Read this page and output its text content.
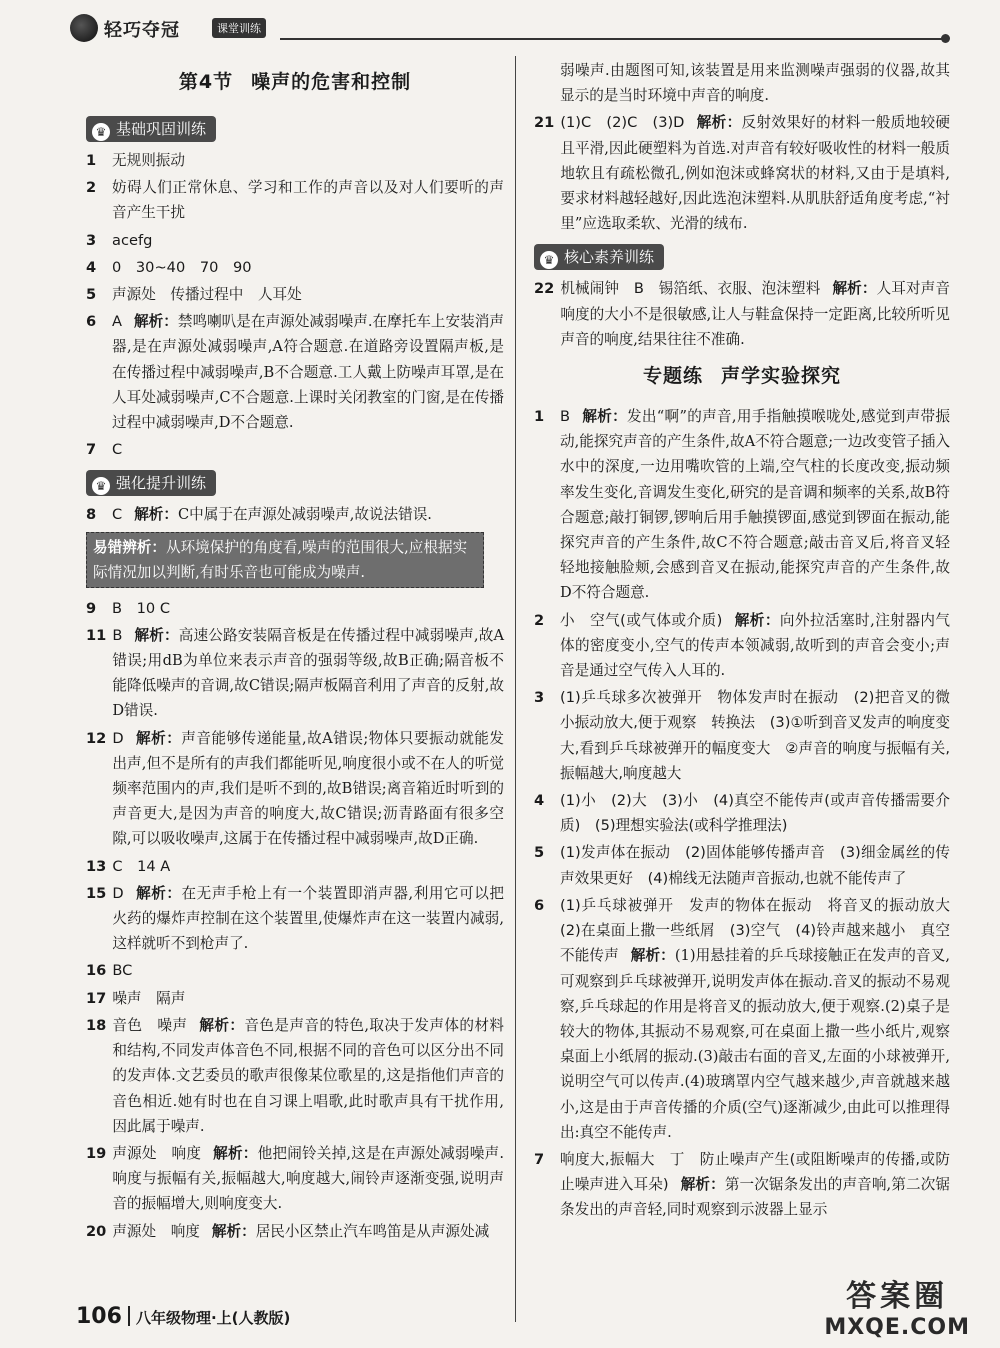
轻巧夺冠	课堂训练
第4节 噪声的危害和控制
♛ 基础巩固训练
1	无规则振动
2	妨碍人们正常休息、学习和工作的声音以及对人们要听的声音产生干扰
3	acefg
4	0　30~40　70　90
5	声源处　传播过程中　人耳处
6	A 解析：禁鸣喇叭是在声源处减弱噪声.在摩托车上安装消声器,是在声源处减弱噪声,A符合题意.在道路旁设置隔声板,是在传播过程中减弱噪声,B不合题意.工人戴上防噪声耳罩,是在人耳处减弱噪声,C不合题意.上课时关闭教室的门窗,是在传播过程中减弱噪声,D不合题意.
7	C
♛ 强化提升训练
8	C 解析：C中属于在声源处减弱噪声,故说法错误.
易错辨析：从环境保护的角度看,噪声的范围很大,应根据实际情况加以判断,有时乐音也可能成为噪声.
9	B　10 C
11 B 解析：高速公路安装隔音板是在传播过程中减弱噪声,故A错误;用dB为单位来表示声音的强弱等级,故B正确;隔音板不能降低噪声的音调,故C错误;隔声板隔音利用了声音的反射,故D错误.
12 D 解析：声音能够传递能量,故A错误;物体只要振动就能发出声,但不是所有的声我们都能听见,响度很小或不在人的听觉频率范围内的声,我们是听不到的,故B错误;离音箱近时听到的声音更大,是因为声音的响度大,故C错误;沥青路面有很多空隙,可以吸收噪声,这属于在传播过程中减弱噪声,故D正确.
13 C　14 A
15 D 解析：在无声手枪上有一个装置即消声器,利用它可以把火药的爆炸声控制在这个装置里,使爆炸声在这一装置内减弱,这样就听不到枪声了.
16 BC
17 噪声　隔声
18 音色　噪声 解析：音色是声音的特色,取决于发声体的材料和结构,不同发声体音色不同,根据不同的音色可以区分出不同的发声体.文艺委员的歌声很像某位歌星的,这是指他们声音的音色相近.她有时也在自习课上唱歌,此时歌声具有干扰作用,因此属于噪声.
19 声源处　响度 解析：他把闹铃关掉,这是在声源处减弱噪声.响度与振幅有关,振幅越大,响度越大,闹铃声逐渐变强,说明声音的振幅增大,则响度变大.
20 声源处　响度 解析：居民小区禁止汽车鸣笛是从声源处减
弱噪声.由题图可知,该装置是用来监测噪声强弱的仪器,故其显示的是当时环境中声音的响度.
21 (1)C　(2)C　(3)D 解析：反射效果好的材料一般质地较硬且平滑,因此硬塑料为首选.对声音有较好吸收性的材料一般质地软且有疏松微孔,例如泡沫或蜂窝状的材料,又由于是填料,要求材料越轻越好,因此选泡沫塑料.从肌肤舒适角度考虑,“衬里”应选取柔软、光滑的绒布.
♛ 核心素养训练
22 机械闹钟　B　锡箔纸、衣服、泡沫塑料 解析：人耳对声音响度的大小不是很敏感,让人与鞋盒保持一定距离,比较所听见声音的响度,结果往往不准确.
专题练 声学实验探究
1	B 解析：发出“啊”的声音,用手指触摸喉咙处,感觉到声带振动,能探究声音的产生条件,故A不符合题意;一边改变管子插入水中的深度,一边用嘴吹管的上端,空气柱的长度改变,振动频率发生变化,音调发生变化,研究的是音调和频率的关系,故B符合题意;敲打铜锣,锣响后用手触摸锣面,感觉到锣面在振动,能探究声音的产生条件,故C不符合题意;敲击音叉后,将音叉轻轻地接触脸颊,会感到音叉在振动,能探究声音的产生条件,故D不符合题意.
2	小　空气(或气体或介质) 解析：向外拉活塞时,注射器内气体的密度变小,空气的传声本领减弱,故听到的声音会变小;声音是通过空气传入人耳的.
3	(1)乒乓球多次被弹开　物体发声时在振动　(2)把音叉的微小振动放大,便于观察　转换法　(3)①听到音叉发声的响度变大,看到乒乓球被弹开的幅度变大　②声音的响度与振幅有关,振幅越大,响度越大
4	(1)小　(2)大　(3)小　(4)真空不能传声(或声音传播需要介质)　(5)理想实验法(或科学推理法)
5	(1)发声体在振动　(2)固体能够传播声音　(3)细金属丝的传声效果更好　(4)棉线无法随声音振动,也就不能传声了
6	(1)乒乓球被弹开　发声的物体在振动　将音叉的振动放大　(2)在桌面上撒一些纸屑　(3)空气　(4)铃声越来越小　真空不能传声 解析：(1)用悬挂着的乒乓球接触正在发声的音叉,可观察到乒乓球被弹开,说明发声体在振动.音叉的振动不易观察,乒乓球起的作用是将音叉的振动放大,便于观察.(2)桌子是较大的物体,其振动不易观察,可在桌面上撒一些小纸片,观察桌面上小纸屑的振动.(3)敲击右面的音叉,左面的小球被弹开,说明空气可以传声.(4)玻璃罩内空气越来越少,声音就越来越小,这是由于声音传播的介质(空气)逐渐减少,由此可以推理得出:真空不能传声.
7	响度大,振幅大　丁　防止噪声产生(或阻断噪声的传播,或防止噪声进入耳朵) 解析：第一次锯条发出的声音响,第二次锯条发出的声音轻,同时观察到示波器上显示
106 八年级物理·上(人教版)
答案圈
MXQE.COM
